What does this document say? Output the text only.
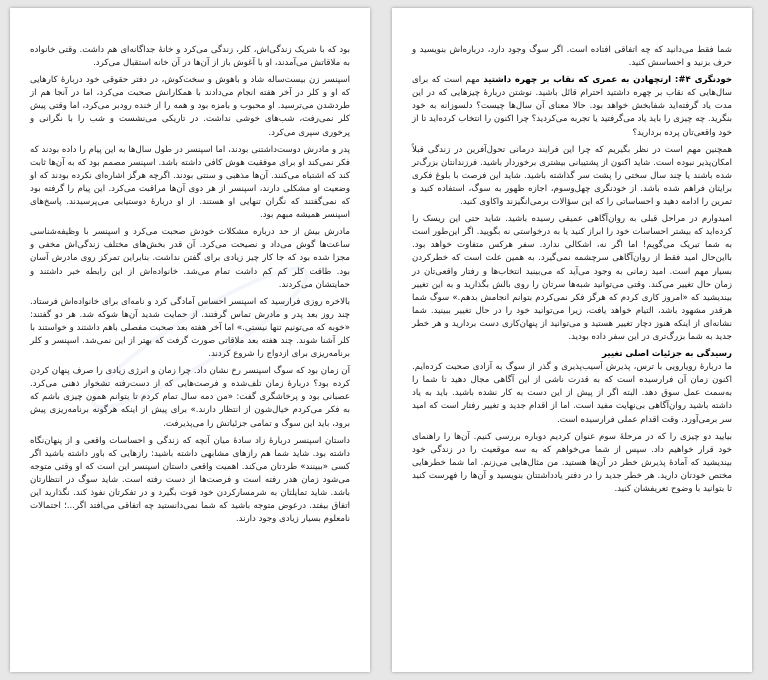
بود که با شریک زندگی‌اش، کلر، زندگی می‌کرد و خانهٔ جداگانه‌ای هم داشت. وقتی خانواده به ملاقاتش می‌آمدند، او با آغوش باز از آن‌ها در آن خانه استقبال می‌کرد.

اسپنسر زن بیست‌ساله شاد و باهوش و سخت‌کوش، در دفتر حقوقی خود دربارهٔ کارهایی که او و کلر در آخر هفته انجام می‌دادند با همکارانش صحبت می‌کرد، اما در آنجا هم از طردشدن می‌ترسید. او محبوب و بامزه بود و همه را از خنده رودبر می‌کرد، اما وقتی پیش کلر نمی‌رفت، شب‌های خوشی نداشت. در تاریکی می‌نشست و شب را با نگرانی و پرخوری سپری می‌کرد.

پدر و مادرش دوست‌داشتنی بودند، اما اسپنسر در طول سال‌ها به این پیام را داده بودند که فکر نمی‌کند او برای موفقیت هوش کافی داشته باشد. اسپنسر مصمم بود که به آن‌ها ثابت کند که اشتباه می‌کنند. آن‌ها مذهبی و سنتی بودند. اگرچه هرگز اشاره‌ای نکرده بودند که او وضعیت او مشکلی دارند، اسپنسر از هر دوی آن‌ها مراقبت می‌کرد. این پیام را گرفته بود که نمی‌گفتند که نگران تنهایی او هستند. از او دربارهٔ دوستیابی می‌پرسیدند. پاسخ‌های اسپنسر همیشه مبهم بود.

مادرش بیش از حد درباره مشکلات خودش صحبت می‌کرد و اسپنسر با وظیفه‌شناسی ساعت‌ها گوش می‌داد و نصیحت می‌کرد. آن قدر بخش‌های مختلف زندگی‌اش مخفی و مجزا شده بود که جا کار چیز زیادی برای گفتن نداشت. بنابراین تمرکز روی مادرش آسان بود. طاقت کلر کم کم داشت تمام می‌شد. خانواده‌اش از این رابطه خبر داشتند و حمایتشان می‌کردند.

بالاخره روزی فرارسید که اسپنسر احساس آمادگی کرد و نامه‌ای برای خانواده‌اش فرستاد. چند روز بعد پدر و مادرش تماس گرفتند. از حمایت شدید آن‌ها شوکه شد. هر دو گفتند: «خوبه که می‌تونیم تنها نیستی.» اما آخر هفته بعد صحبت مفصلی باهم داشتند و خواستند با کلر آشنا شوند. چند هفته بعد ملاقاتی صورت گرفت که بهتر از این نمی‌شد. اسپنسر و کلر برنامه‌ریزی برای ازدواج را شروع کردند.

آن زمان بود که سوگ اسپنسر رخ نشان داد. چرا زمان و انرژی زیادی را صرف پنهان کردن کرده بود؟ دربارهٔ زمان تلف‌شده و فرصت‌هایی که از دست‌رفته تشخوار ذهنی می‌کرد. عصبانی بود و پرخاشگری گفت: «من دمه سال تمام کردم تا بتوانم همون چیزی باشم که به فکر می‌کردم خیال‌شون از انتظار دارند.» برای پیش از اینکه هرگونه برنامه‌ریزی پیش برود، باید این سوگ و تمامی جزئیاتش را می‌پذیرفت.

داستان اسپنسر دربارهٔ زاد سادهٔ میان آنچه که زندگی و احساسات واقعی و از پنهان‌نگاه داشته بود. شاید شما هم رازهای مشابهی داشته باشید: رازهایی که باور داشته باشید اگر کسی «ببینند» طردتان می‌کند. اهمیت واقعی داستان اسپنسر این است که او وقتی متوجه می‌شود زمان هدر رفته است و فرصت‌ها از دست رفته است. شاید سوگ در انتظارتان باشد. شاید تمایلتان به شرمسارکردن خود قوت بگیرد و در تفکرتان نفوذ کند. نگذارید این اتفاق بیفتد. درعوض متوجه باشید که شما نمی‌دانستید چه اتفاقی می‌افتد اگر...؛ احتمالات نامعلوم بسیار زیادی وجود دارند.

شما فقط می‌دانید که چه اتفاقی افتاده است. اگر سوگ وجود دارد، درباره‌اش بنویسید و حرف بزنید و احساسش کنید.

خودنگری ۴#: ارتچهادن به عمری که نقاب بر چهره داشتید مهم است که برای سال‌هایی که نقاب بر چهره داشتید احترام قائل باشید. نوشتن دربارهٔ چیزهایی که در این مدت یاد گرفته‌اید شفابخش خواهد بود. حالا معنای آن سال‌ها چیست؟ دلسوزانه به خود بنگرید. چه چیزی را باید یاد می‌گرفتید یا تجربه می‌کردید؟ چرا اکنون را انتخاب کرده‌اید تا از خود واقعی‌تان پرده بردارید؟

همچنین مهم است در نظر بگیریم که چرا این فرایند درمانی تحول‌آفرین در زندگی قبلاً امکان‌پذیر نبوده است. شاید اکنون از پشتیبانی بیشتری برخوردار باشید. فرزندانتان بزرگ‌تر شده باشند یا چند سال سختی را پشت سر گذاشته باشید. شاید این فرصت با بلوغ فکری برایتان فراهم شده باشد. از خودنگری چهل‌وسوم، اجازه ظهور به سوگ، استفاده کنید و تمرین را ادامه دهید و احساساتی را که این سؤالات برمی‌انگیزند واکاوی کنید.

امیدوارم در مراحل قبلی به روان‌آگاهی عمیقی رسیده باشید. شاید حتی این ریسک را کرده‌اید که بیشتر احساسات خود را ابراز کنید یا به درخواستی نه بگویید. اگر این‌طور است به شما تبریک می‌گویم! اما اگر نه، اشکالی ندارد. سفر هرکس متفاوت خواهد بود. بااین‌حال امید فقط از روان‌آگاهی سرچشمه نمی‌گیرد. به همین علت است که خطرکردن بسیار مهم است. امید زمانی به وجود می‌آید که می‌بینید انتخاب‌ها و رفتار واقعی‌تان در زمان حال تغییر می‌کند. وقتی می‌توانید شبه‌ها سرتان را روی بالش بگذارید و به این تغییر بیندیشید که «امروز کاری کردم که هرگز فکر نمی‌کردم بتوانم انجامش بدهم.» سوگ شما هرقدر مشهود باشد، التیام خواهد یافت، زیرا می‌توانید خود را در حال تغییر ببینید. شما نشانه‌ای از اینکه هنوز دچار تغییر هستید و می‌توانید از پنهان‌کاری دست بردارید و هر خطر جدید به شما بزرگ‌تری در این سفر داده بودید.

رسیدگی به جزئیات اصلی تغییر
ما دربارهٔ رویارویی با ترس، پذیرش آسیب‌پذیری و گذر از سوگ به آزادی صحبت کرده‌ایم. اکنون زمان آن فرارسیده است که به قدرت ناشی از این آگاهی مجال دهید تا شما را به‌سمت عمل سوق دهد. البته اگر از پیش از این دست به کار نشده باشید. باید به یاد داشته باشید روان‌آگاهی بی‌نهایت مفید است. اما از اقدام جدید و تغییر رفتار است که امید سر برمی‌آورد. وقت اقدام عملی فرارسیده است.

بیایید دو چیزی را که در مرحلهٔ سوم عنوان کردیم دوباره بررسی کنیم. آن‌ها را راهنمای خود قرار خواهیم داد. سپس از شما می‌خواهم که به سه موقعیت را در زندگی خود بیندیشید که آمادهٔ پذیرش خطر در آن‌ها هستید. من مثال‌هایی می‌زنم. اما شما خطرهایی مختص خودتان دارید. هر خطر جدید را در دفتر یادداشتتان بنویسید و آن‌ها را فهرست کنید تا بتوانید با وضوح تعریفشان کنید.
